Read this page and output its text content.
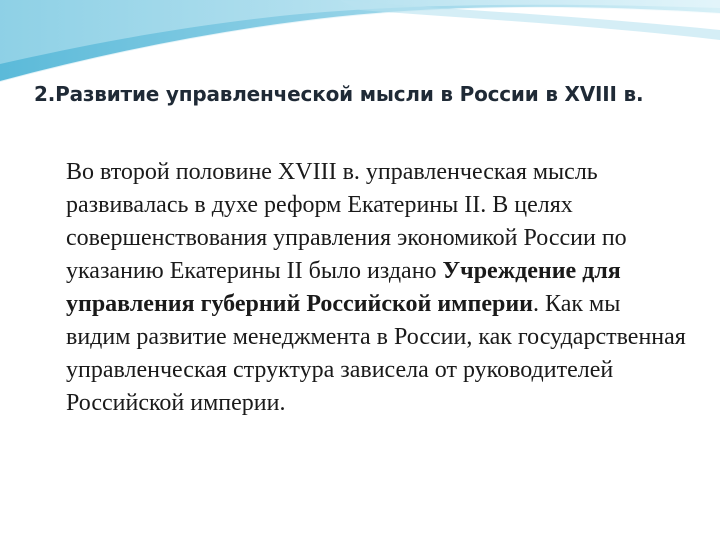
2.Развитие управленческой мысли в России в XVIII в.
Во второй половине XVIII в. управленческая мысль развивалась в духе реформ Екатерины II. В целях совершенствования управления экономикой России по указанию Екатерины II было издано Учреждение для управления губерний Российской империи. Как мы видим развитие менеджмента в России, как государственная управленческая структура зависела от руководителей Российской империи.
